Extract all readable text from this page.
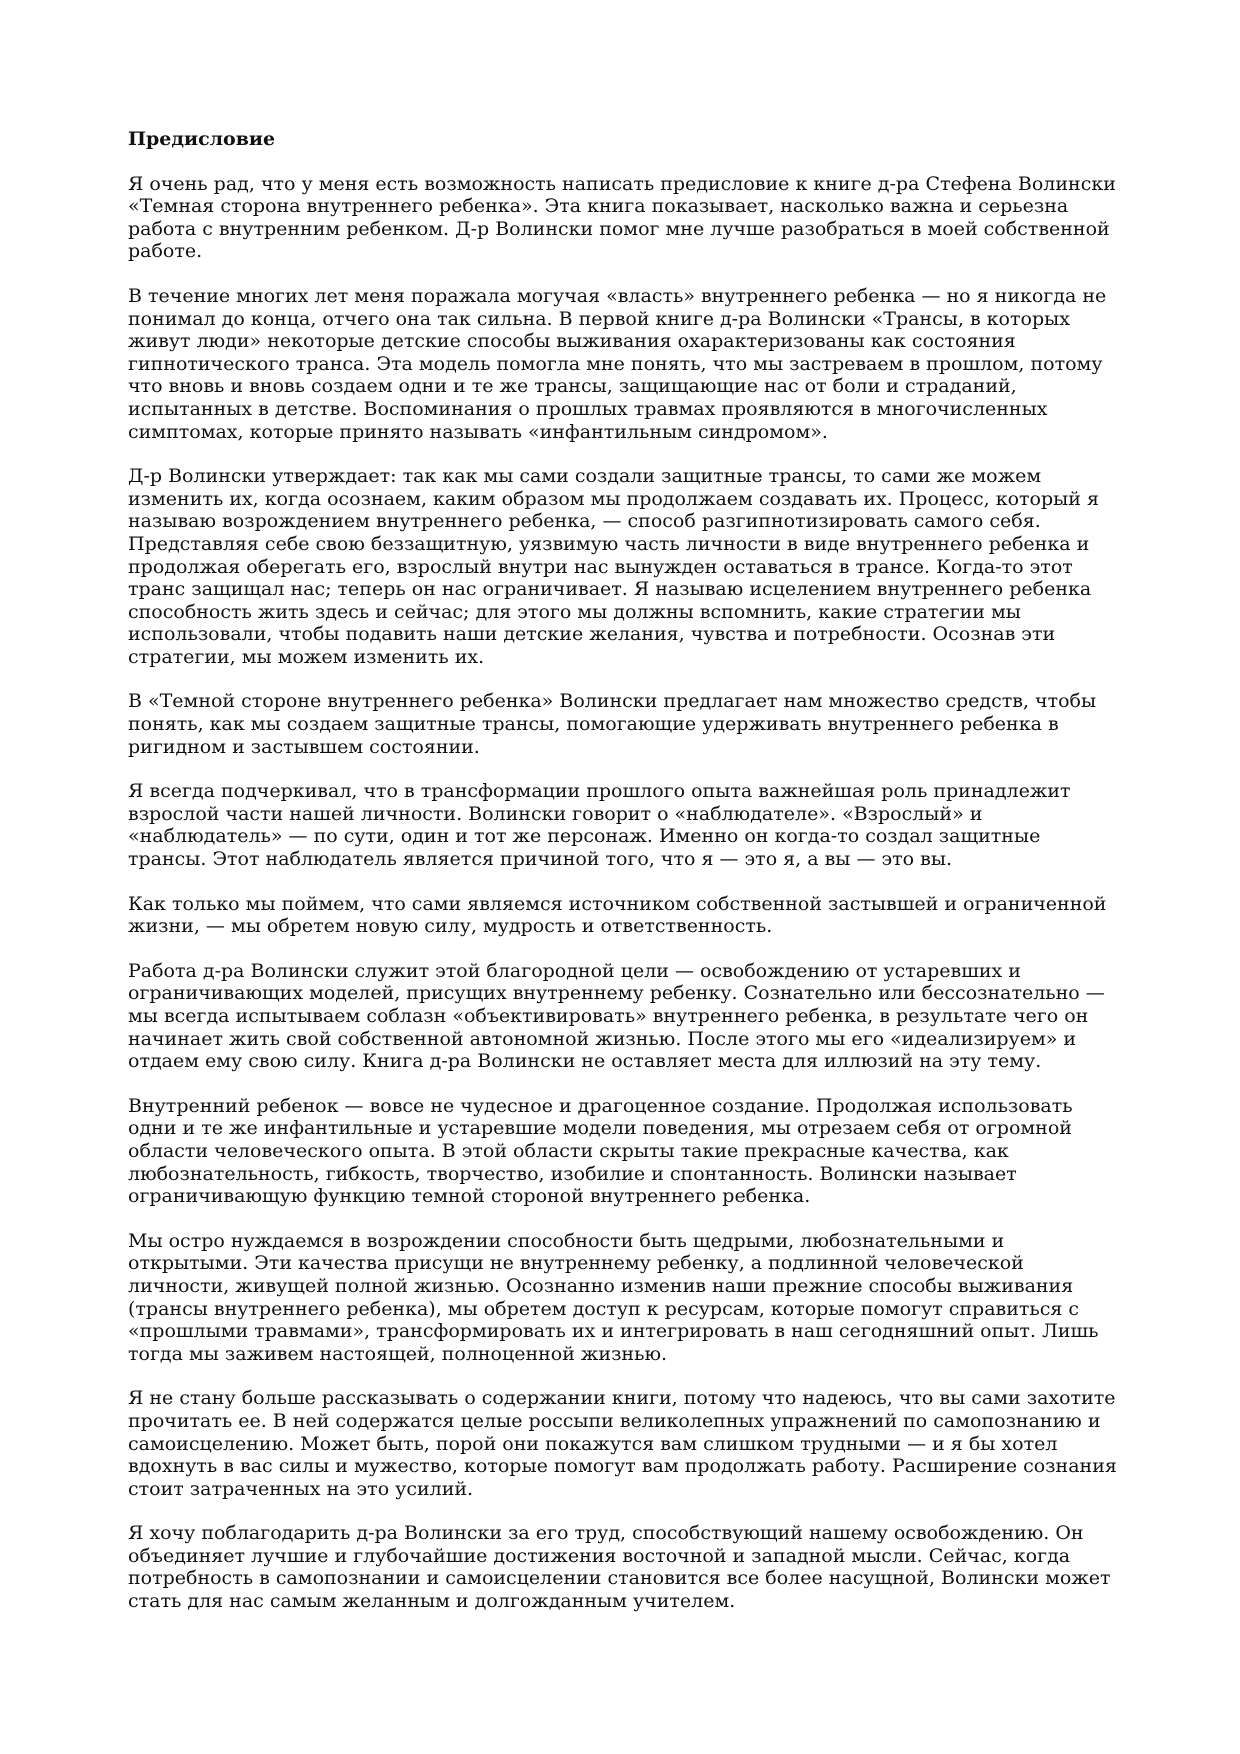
Предисловие

Я очень рад, что у меня есть возможность написать предисловие к книге д-ра Стефена Волински «Темная сторона внутреннего ребенка». Эта книга показывает, насколько важна и серьезна работа с внутренним ребенком. Д-р Волински помог мне лучше разобраться в моей собственной работе.

В течение многих лет меня поражала могучая «власть» внутреннего ребенка — но я никогда не понимал до конца, отчего она так сильна. В первой книге д-ра Волински «Трансы, в которых живут люди» некоторые детские способы выживания охарактеризованы как состояния гипнотического транса. Эта модель помогла мне понять, что мы застреваем в прошлом, потому что вновь и вновь создаем одни и те же трансы, защищающие нас от боли и страданий, испытанных в детстве. Воспоминания о прошлых травмах проявляются в многочисленных симптомах, которые принято называть «инфантильным синдромом».

Д-р Волински утверждает: так как мы сами создали защитные трансы, то сами же можем изменить их, когда осознаем, каким образом мы продолжаем создавать их. Процесс, который я называю возрождением внутреннего ребенка, — способ разгипнотизировать самого себя. Представляя себе свою беззащитную, уязвимую часть личности в виде внутреннего ребенка и продолжая оберегать его, взрослый внутри нас вынужден оставаться в трансе. Когда-то этот транс защищал нас; теперь он нас ограничивает. Я называю исцелением внутреннего ребенка способность жить здесь и сейчас; для этого мы должны вспомнить, какие стратегии мы использовали, чтобы подавить наши детские желания, чувства и потребности. Осознав эти стратегии, мы можем изменить их.

В «Темной стороне внутреннего ребенка» Волински предлагает нам множество средств, чтобы понять, как мы создаем защитные трансы, помогающие удерживать внутреннего ребенка в ригидном и застывшем состоянии.

Я всегда подчеркивал, что в трансформации прошлого опыта важнейшая роль принадлежит взрослой части нашей личности. Волински говорит о «наблюдателе». «Взрослый» и «наблюдатель» — по сути, один и тот же персонаж. Именно он когда-то создал защитные трансы. Этот наблюдатель является причиной того, что я — это я, а вы — это вы.

Как только мы поймем, что сами являемся источником собственной застывшей и ограниченной жизни, — мы обретем новую силу, мудрость и ответственность.

Работа д-ра Волински служит этой благородной цели — освобождению от устаревших и ограничивающих моделей, присущих внутреннему ребенку. Сознательно или бессознательно — мы всегда испытываем соблазн «объективировать» внутреннего ребенка, в результате чего он начинает жить свой собственной автономной жизнью. После этого мы его «идеализируем» и отдаем ему свою силу. Книга д-ра Волински не оставляет места для иллюзий на эту тему.

Внутренний ребенок — вовсе не чудесное и драгоценное создание. Продолжая использовать одни и те же инфантильные и устаревшие модели поведения, мы отрезаем себя от огромной области человеческого опыта. В этой области скрыты такие прекрасные качества, как любознательность, гибкость, творчество, изобилие и спонтанность. Волински называет ограничивающую функцию темной стороной внутреннего ребенка.

Мы остро нуждаемся в возрождении способности быть щедрыми, любознательными и открытыми. Эти качества присущи не внутреннему ребенку, а подлинной человеческой личности, живущей полной жизнью. Осознанно изменив наши прежние способы выживания (трансы внутреннего ребенка), мы обретем доступ к ресурсам, которые помогут справиться с «прошлыми травмами», трансформировать их и интегрировать в наш сегодняшний опыт. Лишь тогда мы заживем настоящей, полноценной жизнью.

Я не стану больше рассказывать о содержании книги, потому что надеюсь, что вы сами захотите прочитать ее. В ней содержатся целые россыпи великолепных упражнений по самопознанию и самоисцелению. Может быть, порой они покажутся вам слишком трудными — и я бы хотел вдохнуть в вас силы и мужество, которые помогут вам продолжать работу. Расширение сознания стоит затраченных на это усилий.

Я хочу поблагодарить д-ра Волински за его труд, способствующий нашему освобождению. Он объединяет лучшие и глубочайшие достижения восточной и западной мысли. Сейчас, когда потребность в самопознании и самоисцелении становится все более насущной, Волински может стать для нас самым желанным и долгожданным учителем.
